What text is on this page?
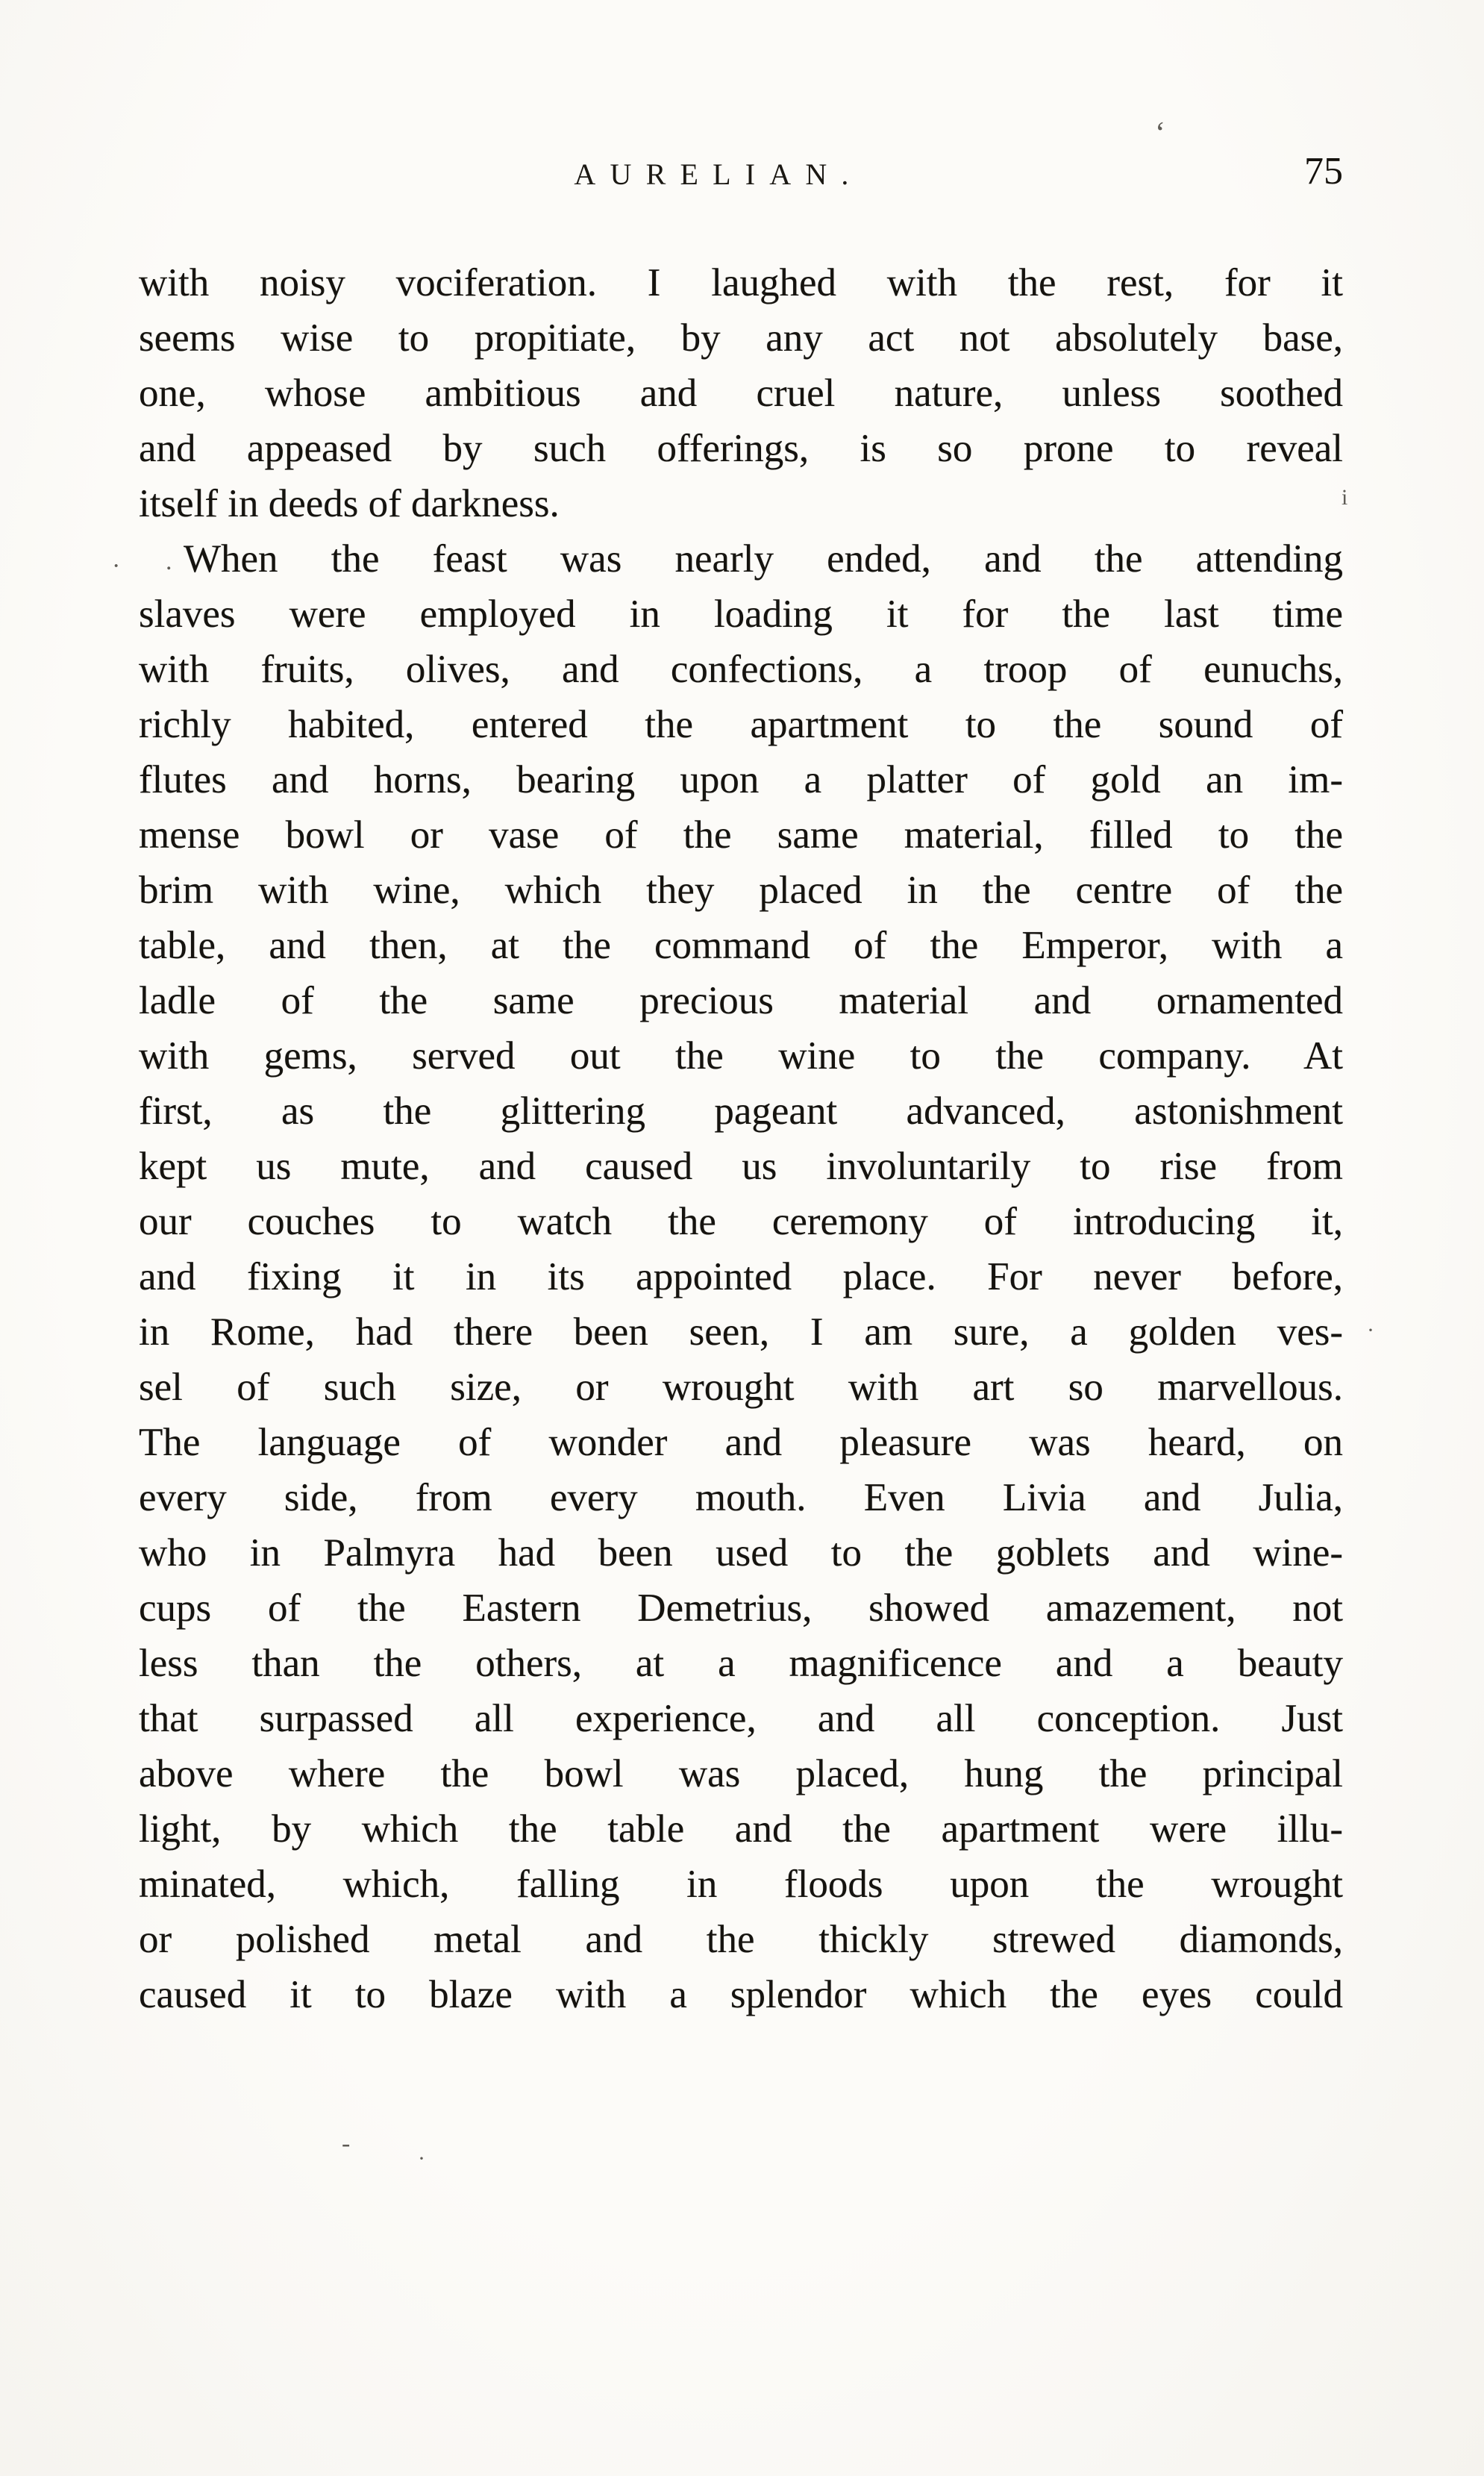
AURELIAN.	75
with noisy vociferation. I laughed with the rest, for it
seems wise to propitiate, by any act not absolutely base,
one, whose ambitious and cruel nature, unless soothed
and appeased by such offerings, is so prone to reveal
itself in deeds of darkness.
When the feast was nearly ended, and the attending
slaves were employed in loading it for the last time
with fruits, olives, and confections, a troop of eunuchs,
richly habited, entered the apartment to the sound of
flutes and horns, bearing upon a platter of gold an im-
mense bowl or vase of the same material, filled to the
brim with wine, which they placed in the centre of the
table, and then, at the command of the Emperor, with a
ladle of the same precious material and ornamented
with gems, served out the wine to the company. At
first, as the glittering pageant advanced, astonishment
kept us mute, and caused us involuntarily to rise from
our couches to watch the ceremony of introducing it,
and fixing it in its appointed place. For never before,
in Rome, had there been seen, I am sure, a golden ves-
sel of such size, or wrought with art so marvellous.
The language of wonder and pleasure was heard, on
every side, from every mouth. Even Livia and Julia,
who in Palmyra had been used to the goblets and wine-
cups of the Eastern Demetrius, showed amazement, not
less than the others, at a magnificence and a beauty
that surpassed all experience, and all conception. Just
above where the bowl was placed, hung the principal
light, by which the table and the apartment were illu-
minated, which, falling in floods upon the wrought
or polished metal and the thickly strewed diamonds,
caused it to blaze with a splendor which the eyes could
‘
i
· .
·
-
·
